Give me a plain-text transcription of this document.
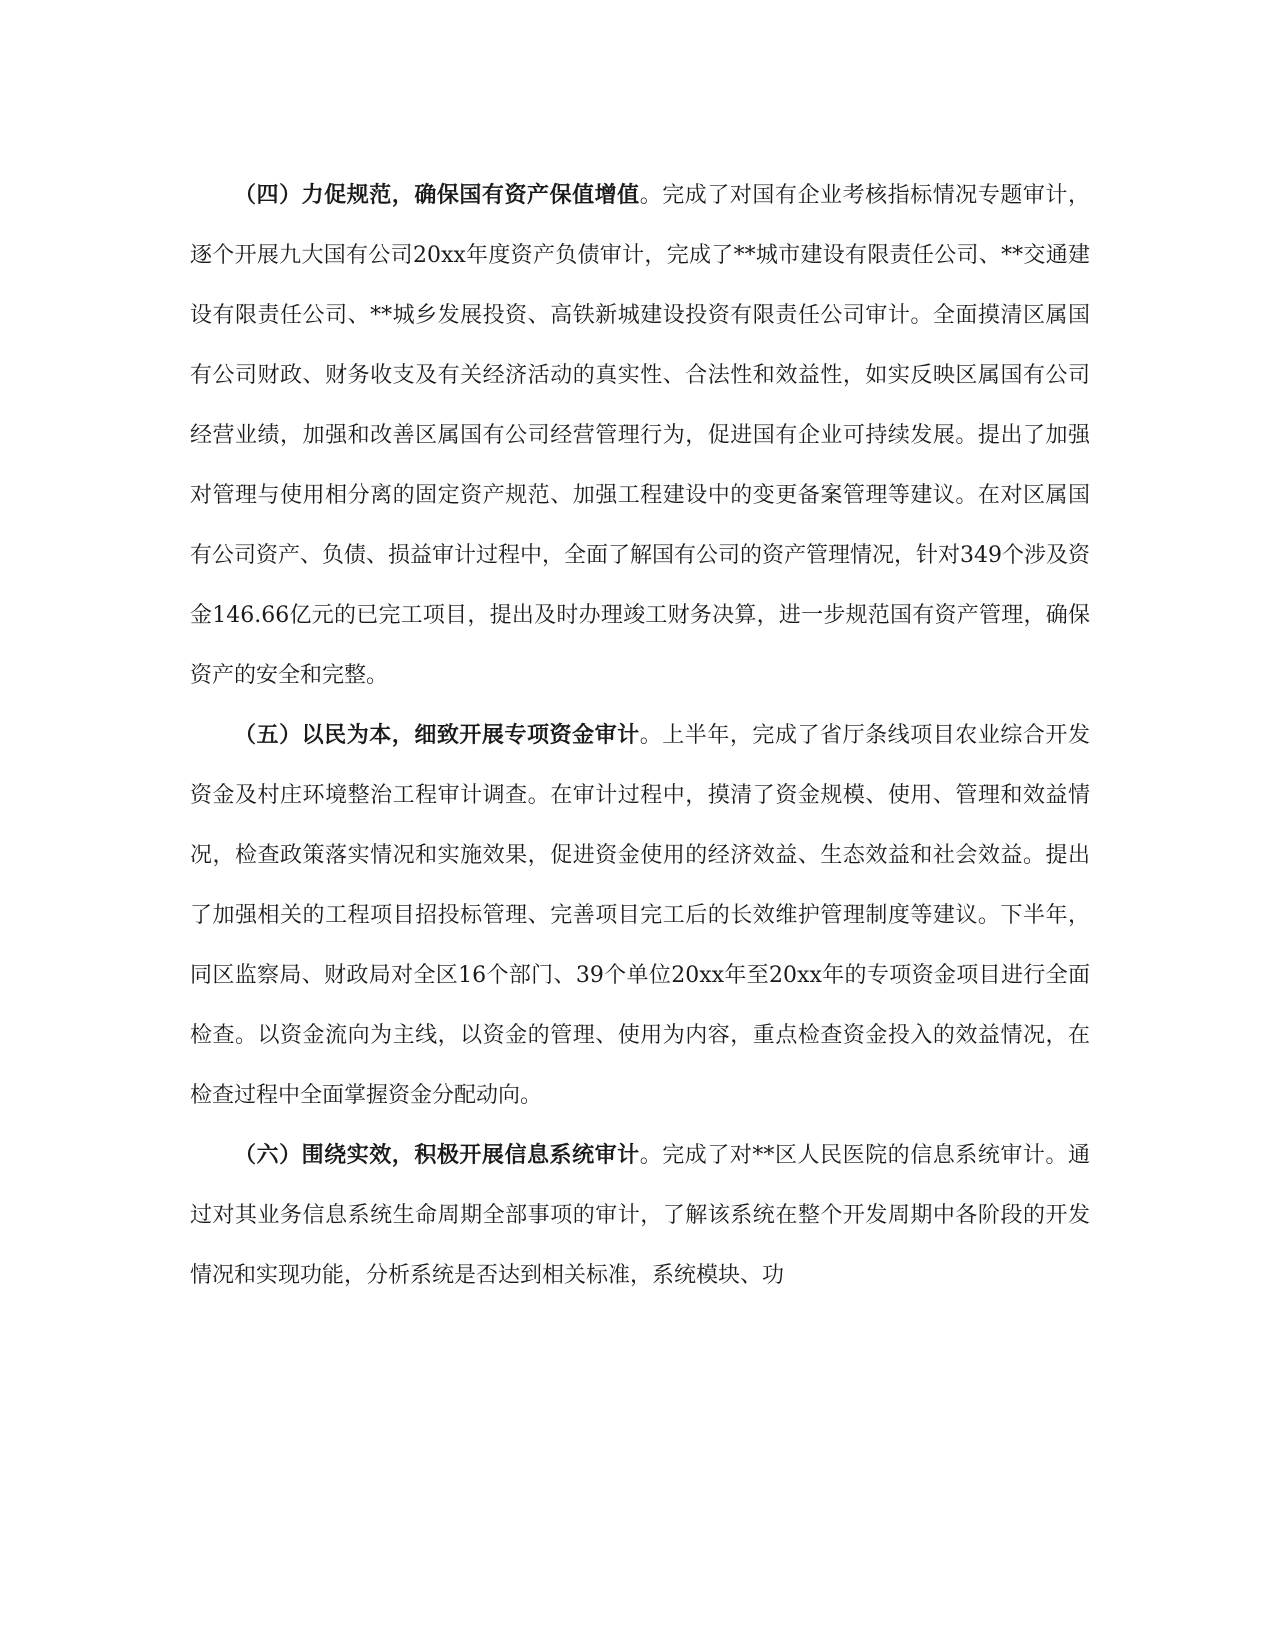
（四）力促规范，确保国有资产保值增值。完成了对国有企业考核指标情况专题审计，逐个开展九大国有公司20xx年度资产负债审计，完成了**城市建设有限责任公司、**交通建设有限责任公司、**城乡发展投资、高铁新城建设投资有限责任公司审计。全面摸清区属国有公司财政、财务收支及有关经济活动的真实性、合法性和效益性，如实反映区属国有公司经营业绩，加强和改善区属国有公司经营管理行为，促进国有企业可持续发展。提出了加强对管理与使用相分离的固定资产规范、加强工程建设中的变更备案管理等建议。在对区属国有公司资产、负债、损益审计过程中，全面了解国有公司的资产管理情况，针对349个涉及资金146.66亿元的已完工项目，提出及时办理竣工财务决算，进一步规范国有资产管理，确保资产的安全和完整。

（五）以民为本，细致开展专项资金审计。上半年，完成了省厅条线项目农业综合开发资金及村庄环境整治工程审计调查。在审计过程中，摸清了资金规模、使用、管理和效益情况，检查政策落实情况和实施效果，促进资金使用的经济效益、生态效益和社会效益。提出了加强相关的工程项目招投标管理、完善项目完工后的长效维护管理制度等建议。下半年，同区监察局、财政局对全区16个部门、39个单位20xx年至20xx年的专项资金项目进行全面检查。以资金流向为主线，以资金的管理、使用为内容，重点检查资金投入的效益情况，在检查过程中全面掌握资金分配动向。

（六）围绕实效，积极开展信息系统审计。完成了对**区人民医院的信息系统审计。通过对其业务信息系统生命周期全部事项的审计，了解该系统在整个开发周期中各阶段的开发情况和实现功能，分析系统是否达到相关标准，系统模块、功
